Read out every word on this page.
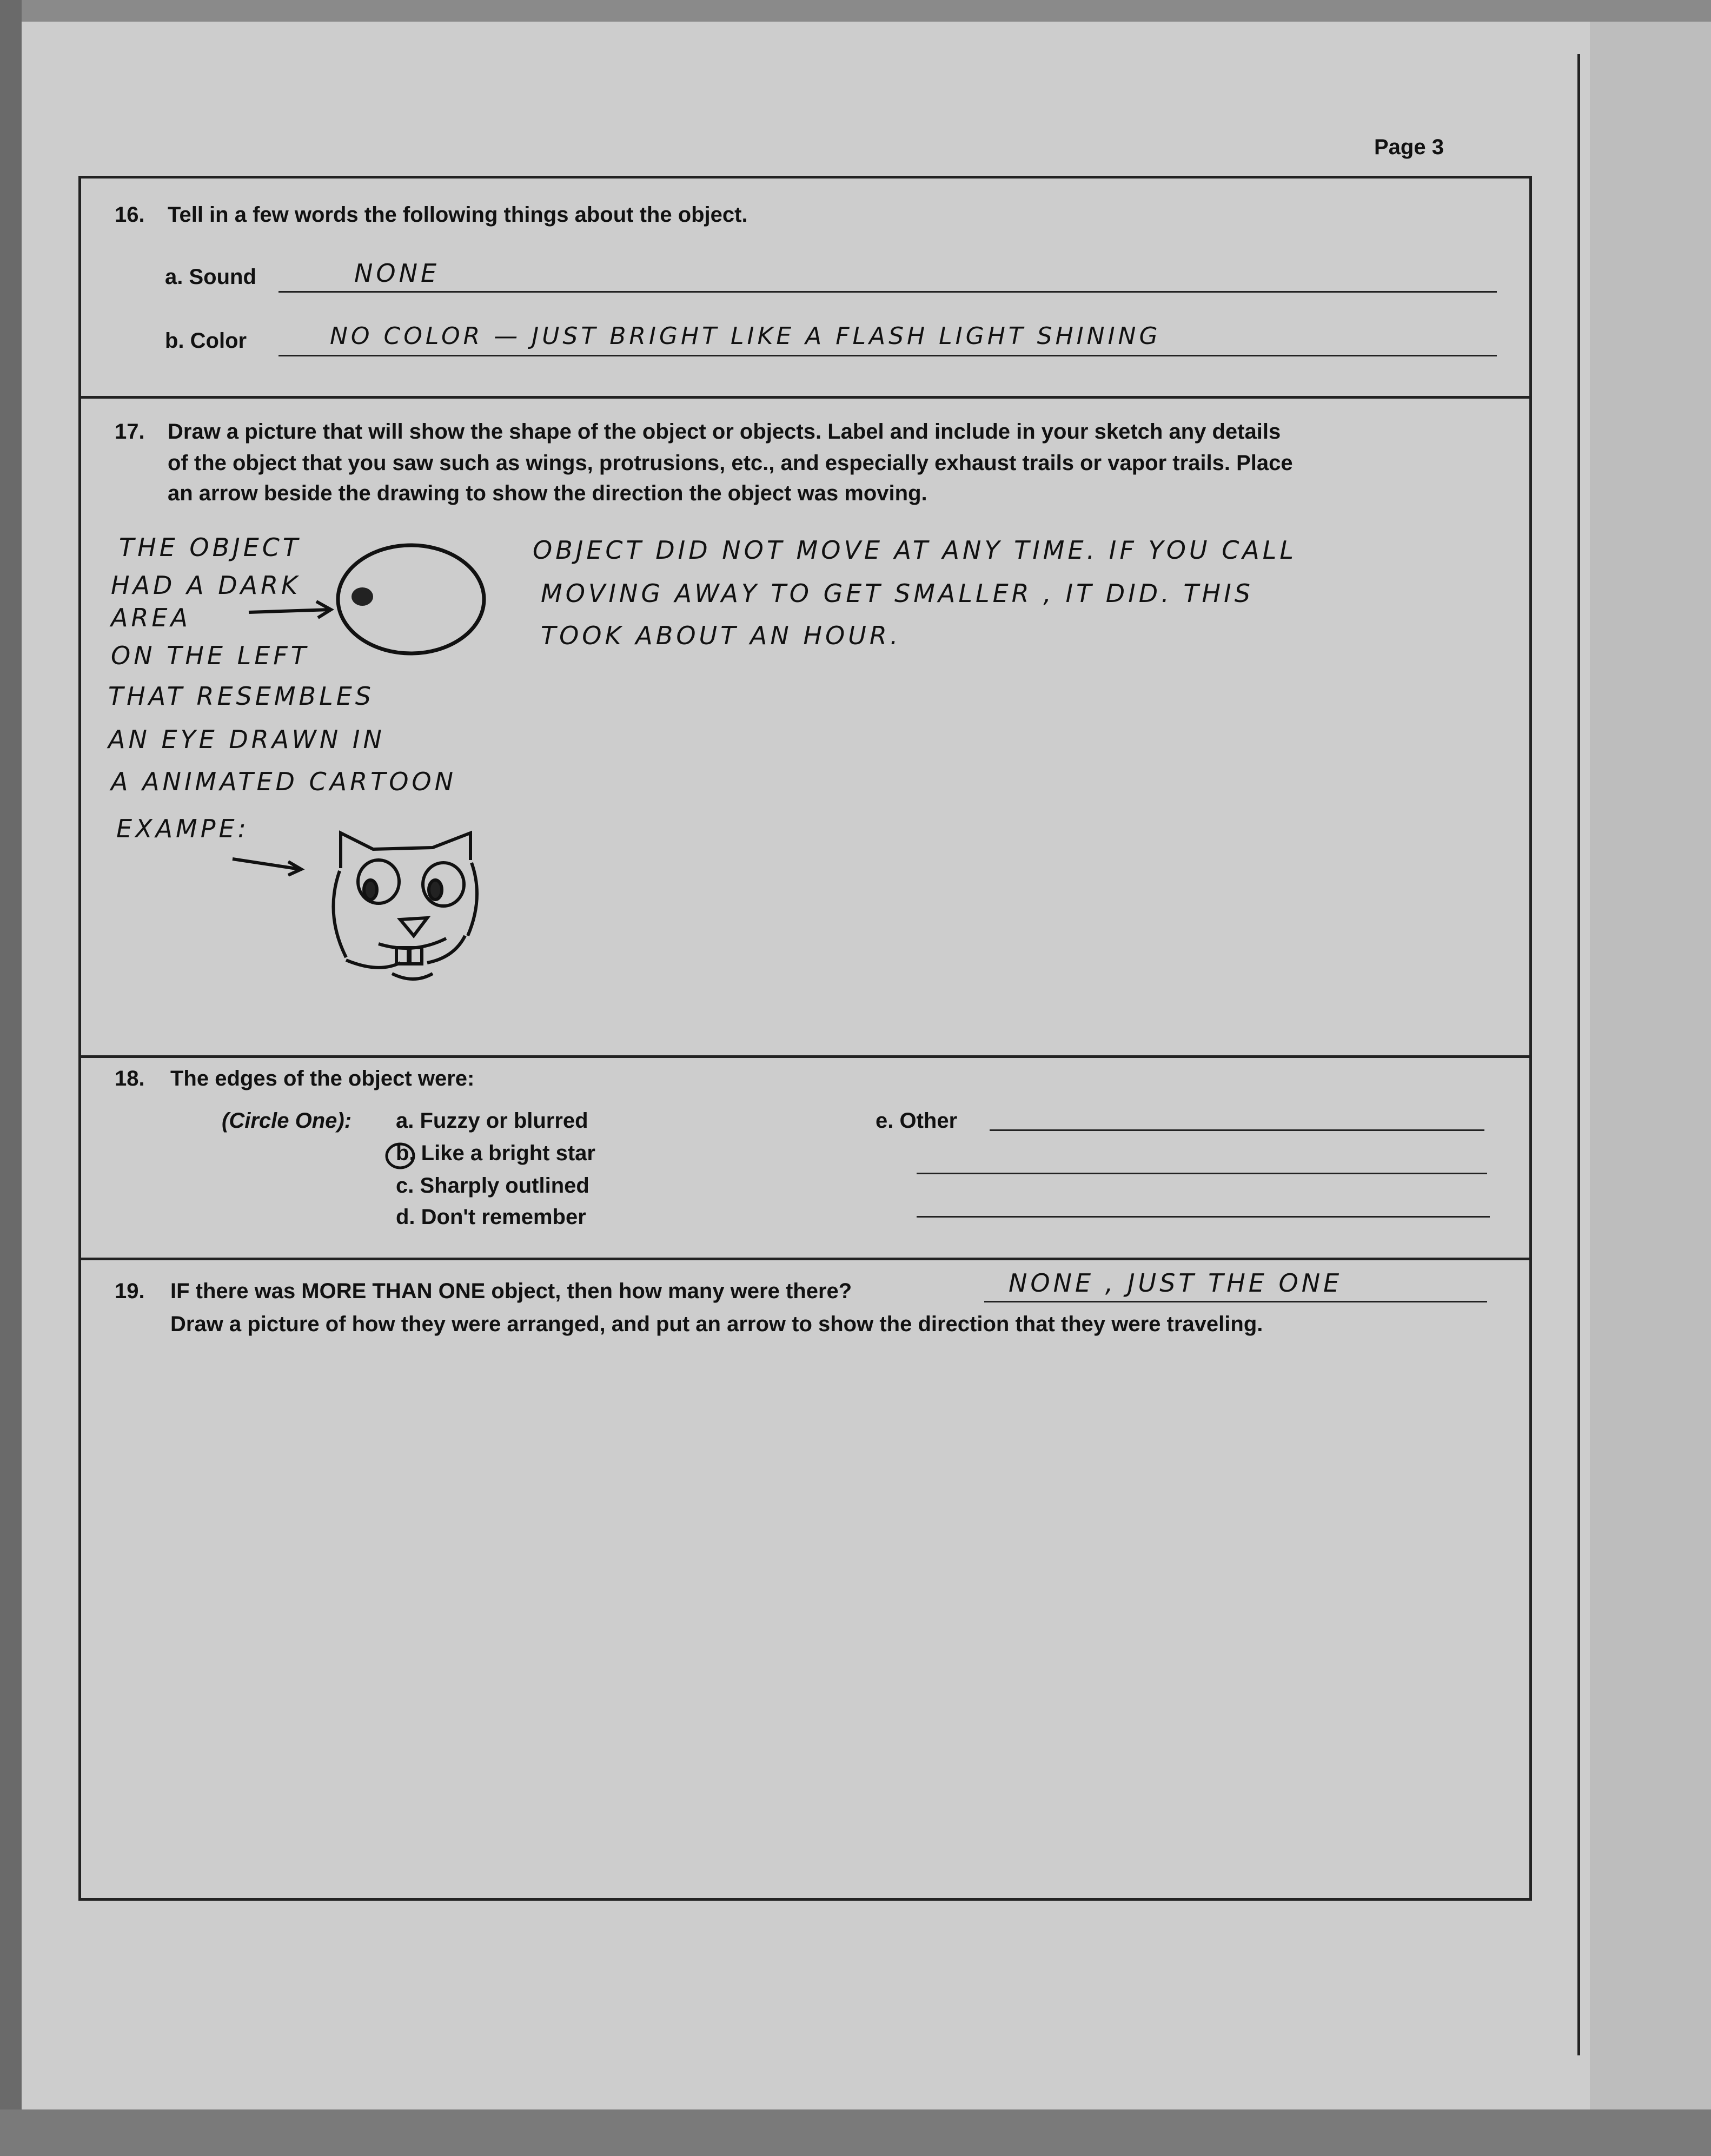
Page 3
16. Tell in a few words the following things about the object.
a. Sound	NONE
b. Color	NO COLOR — JUST BRIGHT LIKE A FLASH LIGHT SHINING
17. Draw a picture that will show the shape of the object or objects. Label and include in your sketch any details
of the object that you saw such as wings, protrusions, etc., and especially exhaust trails or vapor trails. Place
an arrow beside the drawing to show the direction the object was moving.
THE OBJECT
HAD A DARK
AREA
ON THE LEFT
THAT RESEMBLES
AN EYE DRAWN IN
A ANIMATED CARTOON
EXAMPE:
OBJECT DID NOT MOVE AT ANY TIME. IF YOU CALL
MOVING AWAY TO GET SMALLER , IT DID. THIS
TOOK ABOUT AN HOUR.
18. The edges of the object were:
(Circle One): a. Fuzzy or blurred
b. Like a bright star
c. Sharply outlined
d. Don't remember
e. Other
19. IF there was MORE THAN ONE object, then how many were there?	NONE , JUST THE ONE
Draw a picture of how they were arranged, and put an arrow to show the direction that they were traveling.
